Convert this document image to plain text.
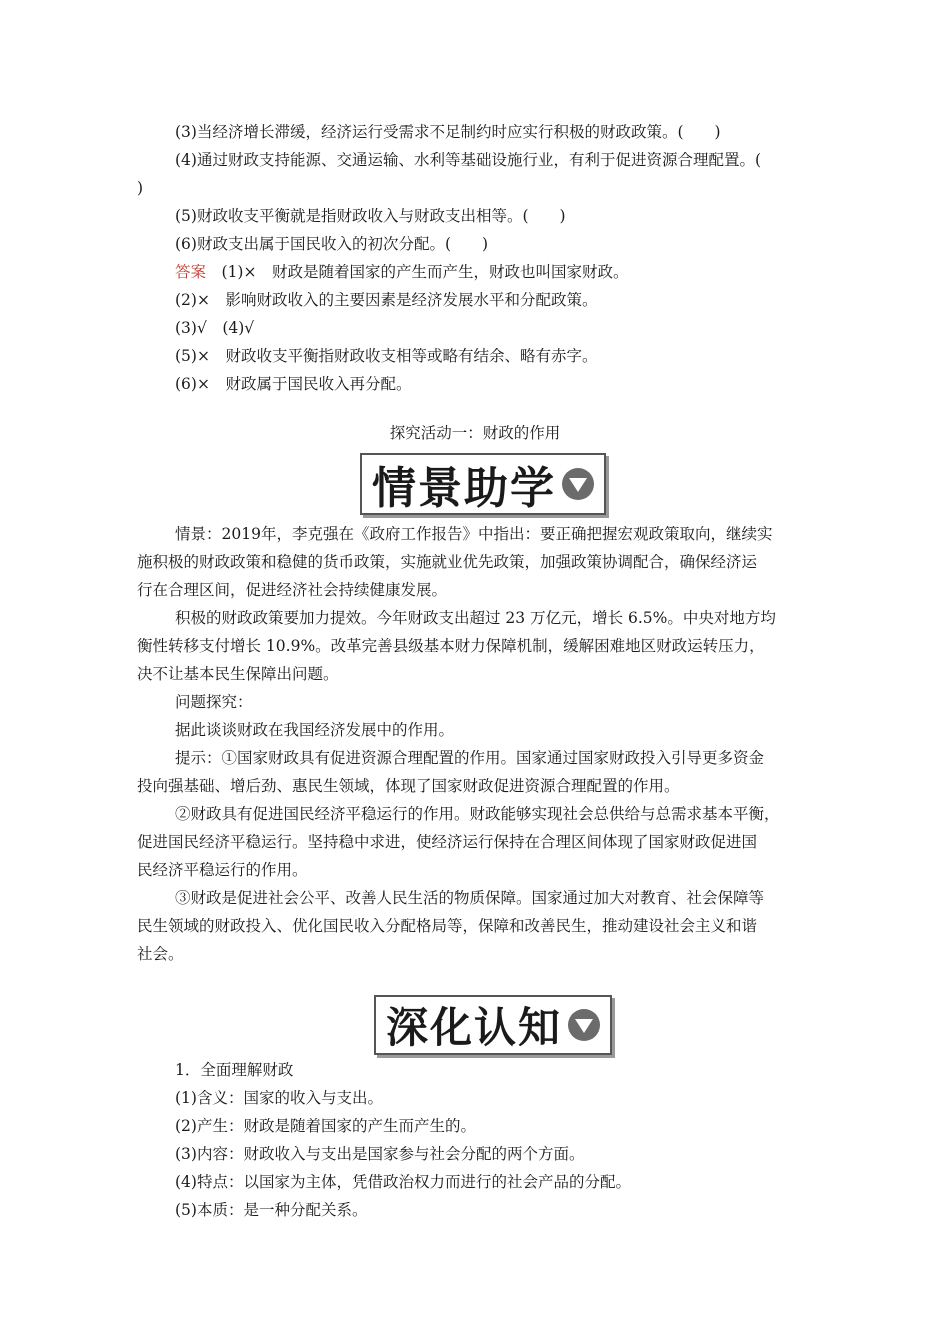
(3)当经济增长滞缓，经济运行受需求不足制约时应实行积极的财政政策。(　　)
(4)通过财政支持能源、交通运输、水利等基础设施行业，有利于促进资源合理配置。(
)
(5)财政收支平衡就是指财政收入与财政支出相等。(　　)
(6)财政支出属于国民收入的初次分配。(　　)
答案　(1)×　财政是随着国家的产生而产生，财政也叫国家财政。
(2)×　影响财政收入的主要因素是经济发展水平和分配政策。
(3)√　(4)√
(5)×　财政收支平衡指财政收支相等或略有结余、略有赤字。
(6)×　财政属于国民收入再分配。
探究活动一：财政的作用
情景助学
情景：2019年，李克强在《政府工作报告》中指出：要正确把握宏观政策取向，继续实
施积极的财政政策和稳健的货币政策，实施就业优先政策，加强政策协调配合，确保经济运
行在合理区间，促进经济社会持续健康发展。
积极的财政政策要加力提效。今年财政支出超过 23 万亿元，增长 6.5%。中央对地方均
衡性转移支付增长 10.9%。改革完善县级基本财力保障机制，缓解困难地区财政运转压力，
决不让基本民生保障出问题。
问题探究：
据此谈谈财政在我国经济发展中的作用。
提示：①国家财政具有促进资源合理配置的作用。国家通过国家财政投入引导更多资金
投向强基础、增后劲、惠民生领域，体现了国家财政促进资源合理配置的作用。
②财政具有促进国民经济平稳运行的作用。财政能够实现社会总供给与总需求基本平衡，
促进国民经济平稳运行。坚持稳中求进，使经济运行保持在合理区间体现了国家财政促进国
民经济平稳运行的作用。
③财政是促进社会公平、改善人民生活的物质保障。国家通过加大对教育、社会保障等
民生领域的财政投入、优化国民收入分配格局等，保障和改善民生，推动建设社会主义和谐
社会。
深化认知
1．全面理解财政
(1)含义：国家的收入与支出。
(2)产生：财政是随着国家的产生而产生的。
(3)内容：财政收入与支出是国家参与社会分配的两个方面。
(4)特点：以国家为主体，凭借政治权力而进行的社会产品的分配。
(5)本质：是一种分配关系。
